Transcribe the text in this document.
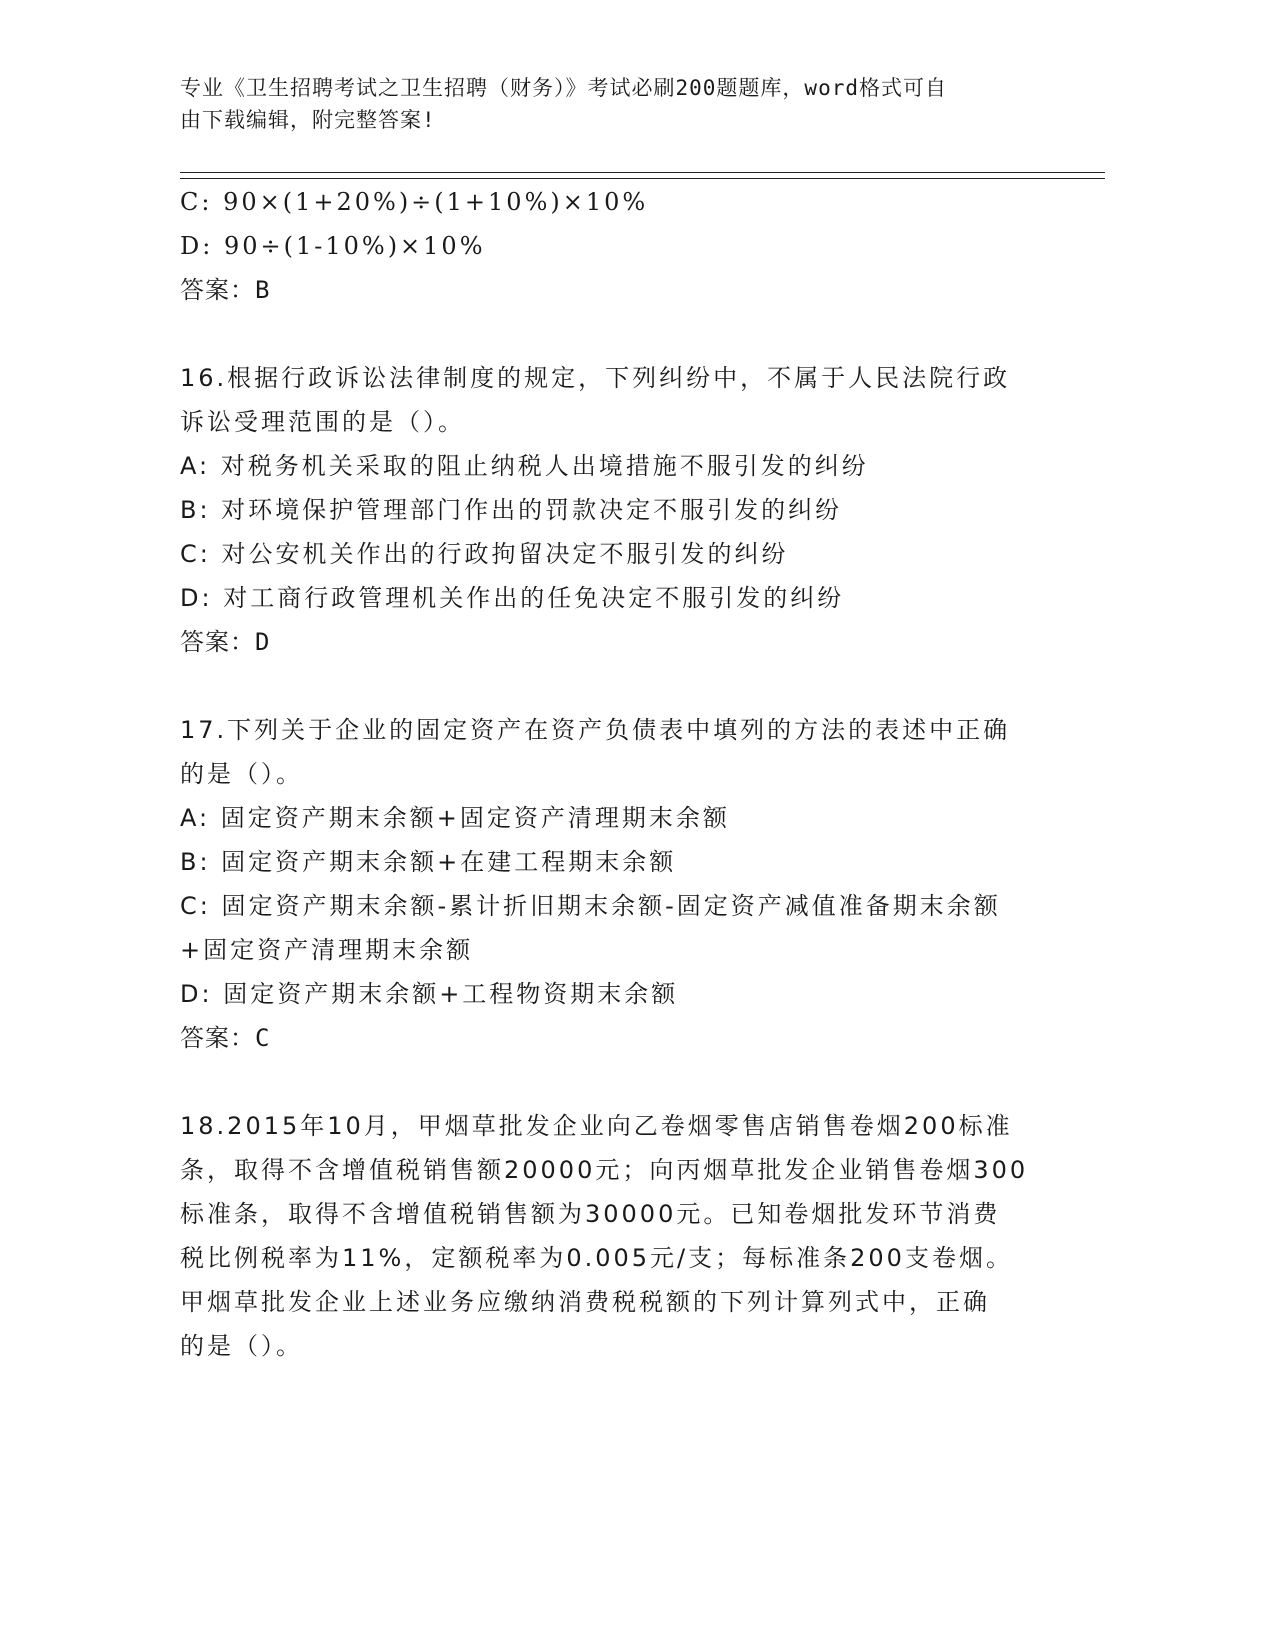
专业《卫生招聘考试之卫生招聘（财务）》考试必刷200题题库，word格式可自
由下载编辑，附完整答案!
C: 90×(1+20%)÷(1+10%)×10%
D: 90÷(1-10%)×10%
答案：B
16.根据行政诉讼法律制度的规定，下列纠纷中，不属于人民法院行政
诉讼受理范围的是（）。
A: 对税务机关采取的阻止纳税人出境措施不服引发的纠纷
B: 对环境保护管理部门作出的罚款决定不服引发的纠纷
C: 对公安机关作出的行政拘留决定不服引发的纠纷
D: 对工商行政管理机关作出的任免决定不服引发的纠纷
答案：D
17.下列关于企业的固定资产在资产负债表中填列的方法的表述中正确
的是（）。
A: 固定资产期末余额+固定资产清理期末余额
B: 固定资产期末余额+在建工程期末余额
C: 固定资产期末余额-累计折旧期末余额-固定资产减值准备期末余额
+固定资产清理期末余额
D: 固定资产期末余额+工程物资期末余额
答案：C
18.2015年10月，甲烟草批发企业向乙卷烟零售店销售卷烟200标准
条，取得不含增值税销售额20000元；向丙烟草批发企业销售卷烟300
标准条，取得不含增值税销售额为30000元。已知卷烟批发环节消费
税比例税率为11%，定额税率为0.005元/支；每标准条200支卷烟。
甲烟草批发企业上述业务应缴纳消费税税额的下列计算列式中，正确
的是（）。
